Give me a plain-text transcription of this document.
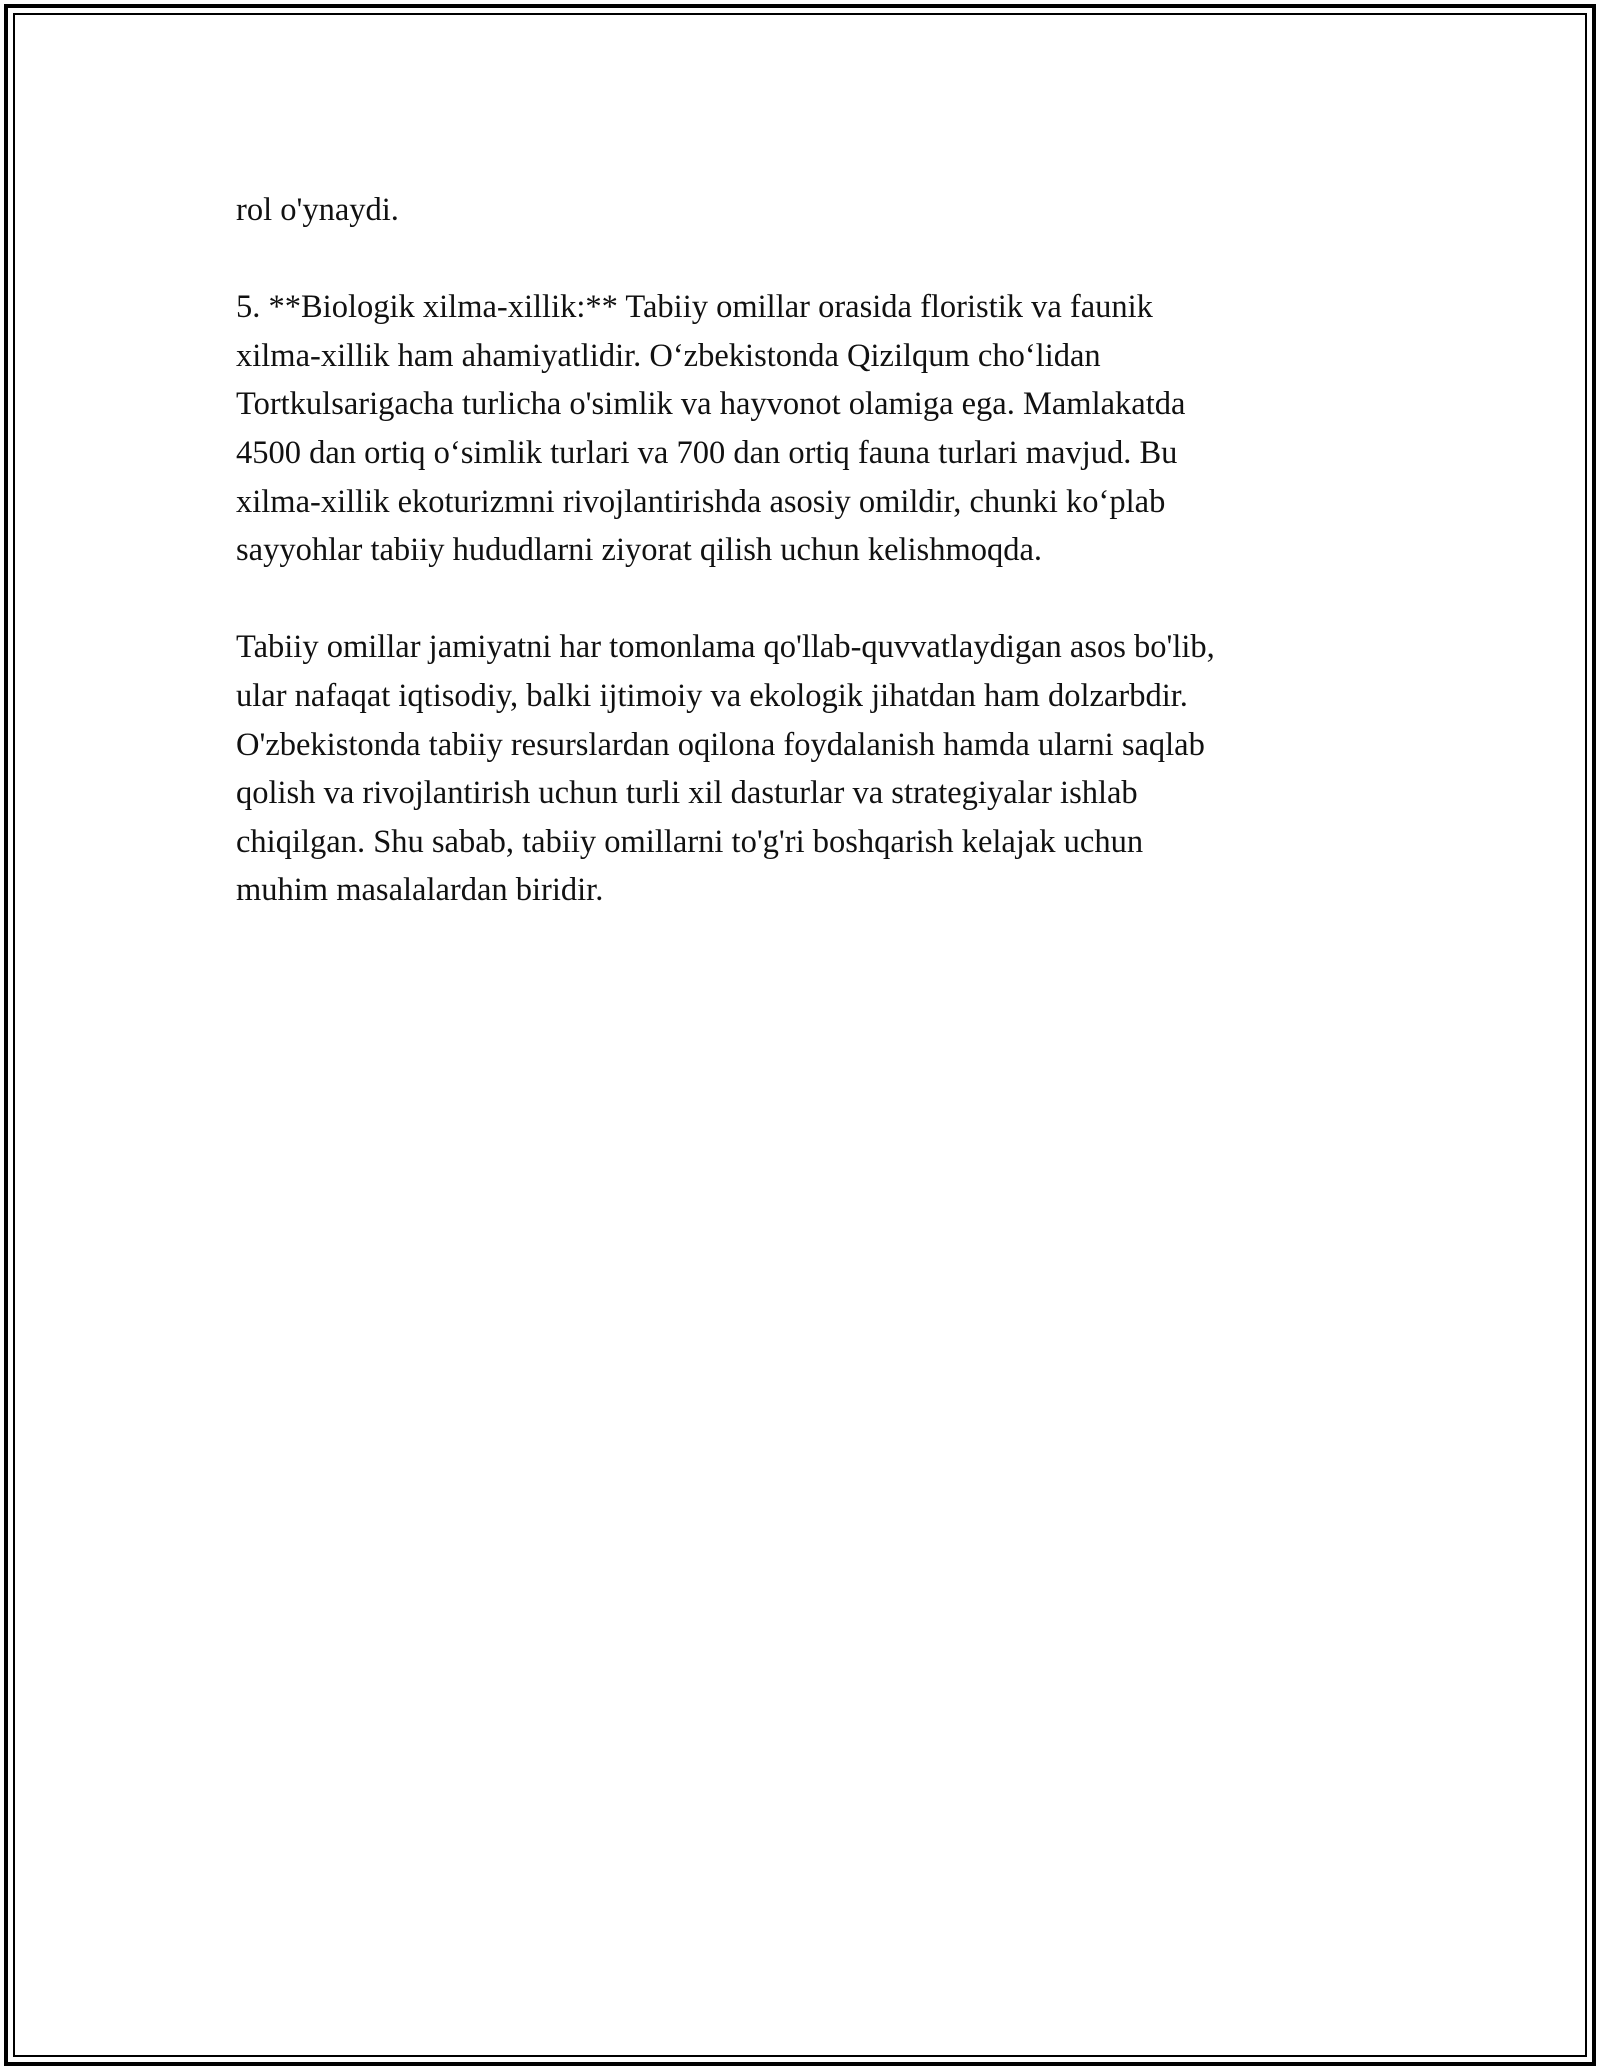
rol o'ynaydi.

5. **Biologik xilma-xillik:** Tabiiy omillar orasida floristik va faunik
xilma-xillik ham ahamiyatlidir. O‘zbekistonda Qizilqum cho‘lidan
Tortkulsarigacha turlicha o'simlik va hayvonot olamiga ega. Mamlakatda
4500 dan ortiq o‘simlik turlari va 700 dan ortiq fauna turlari mavjud. Bu
xilma-xillik ekoturizmni rivojlantirishda asosiy omildir, chunki ko‘plab
sayyohlar tabiiy hududlarni ziyorat qilish uchun kelishmoqda.

Tabiiy omillar jamiyatni har tomonlama qo'llab-quvvatlaydigan asos bo'lib,
ular nafaqat iqtisodiy, balki ijtimoiy va ekologik jihatdan ham dolzarbdir.
O'zbekistonda tabiiy resurslardan oqilona foydalanish hamda ularni saqlab
qolish va rivojlantirish uchun turli xil dasturlar va strategiyalar ishlab
chiqilgan. Shu sabab, tabiiy omillarni to'g'ri boshqarish kelajak uchun
muhim masalalardan biridir.
